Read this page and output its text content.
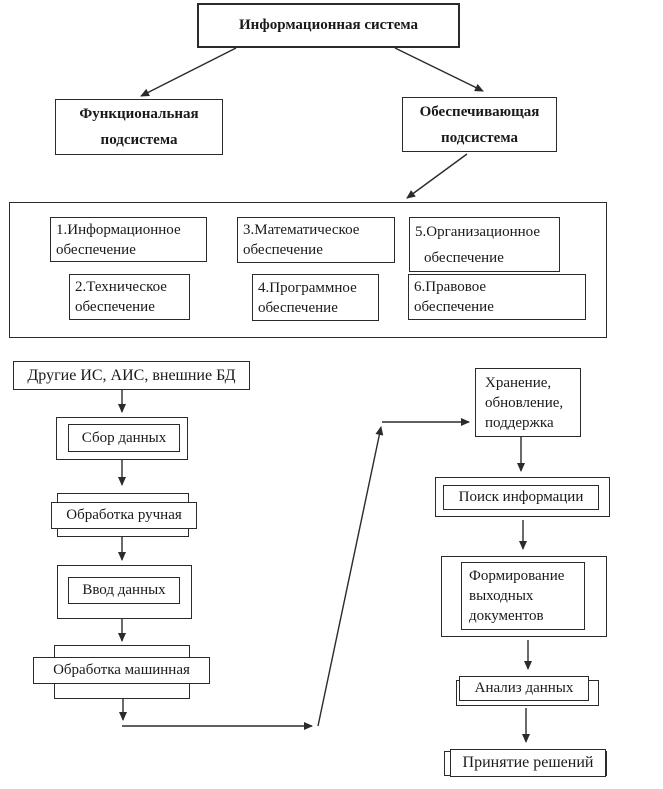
Информационная система
Функциональная
подсистема
Обеспечивающая
подсистема
1.Информационное
обеспечение
3.Математическое
обеспечение
5.Организационное
обеспечение
2.Техническое
обеспечение
4.Программное
обеспечение
6.Правовое
обеспечение
Другие ИС, АИС, внешние БД
Сбор данных
Обработка ручная
Ввод данных
Обработка машинная
Хранение,
обновление,
поддержка
Поиск информации
Формирование
выходных
документов
Анализ данных
Принятие решений
